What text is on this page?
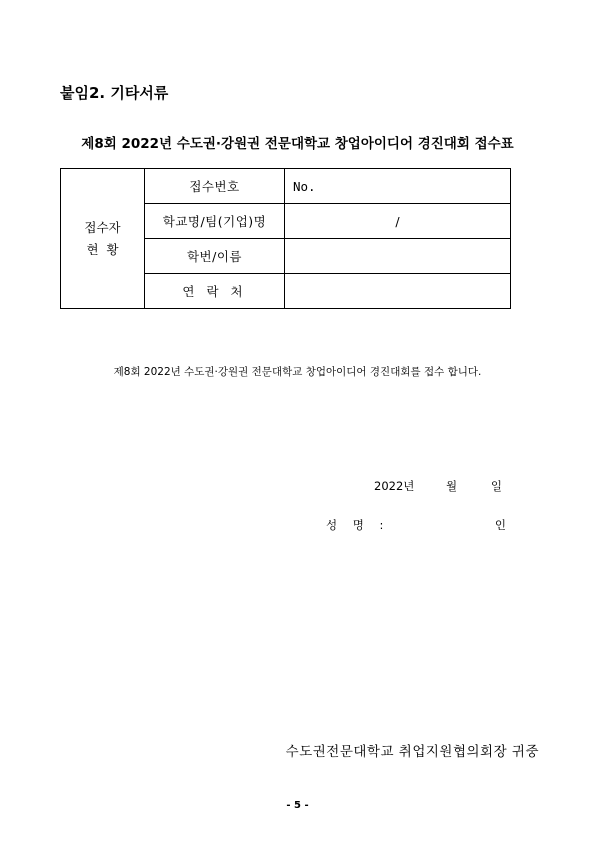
붙임2. 기타서류
제8회 2022년 수도권·강원권 전문대학교 창업아이디어 경진대회 접수표
접수자
현  황	접수번호	No.
	학교명/팀(기업)명	/
	학번/이름	
	연 락 처	
제8회 2022년 수도권·강원권 전문대학교 창업아이디어 경진대회를 접수 합니다.
2022년	월	일
성 명 :	인
수도권전문대학교 취업지원협의회장 귀중
- 5 -
